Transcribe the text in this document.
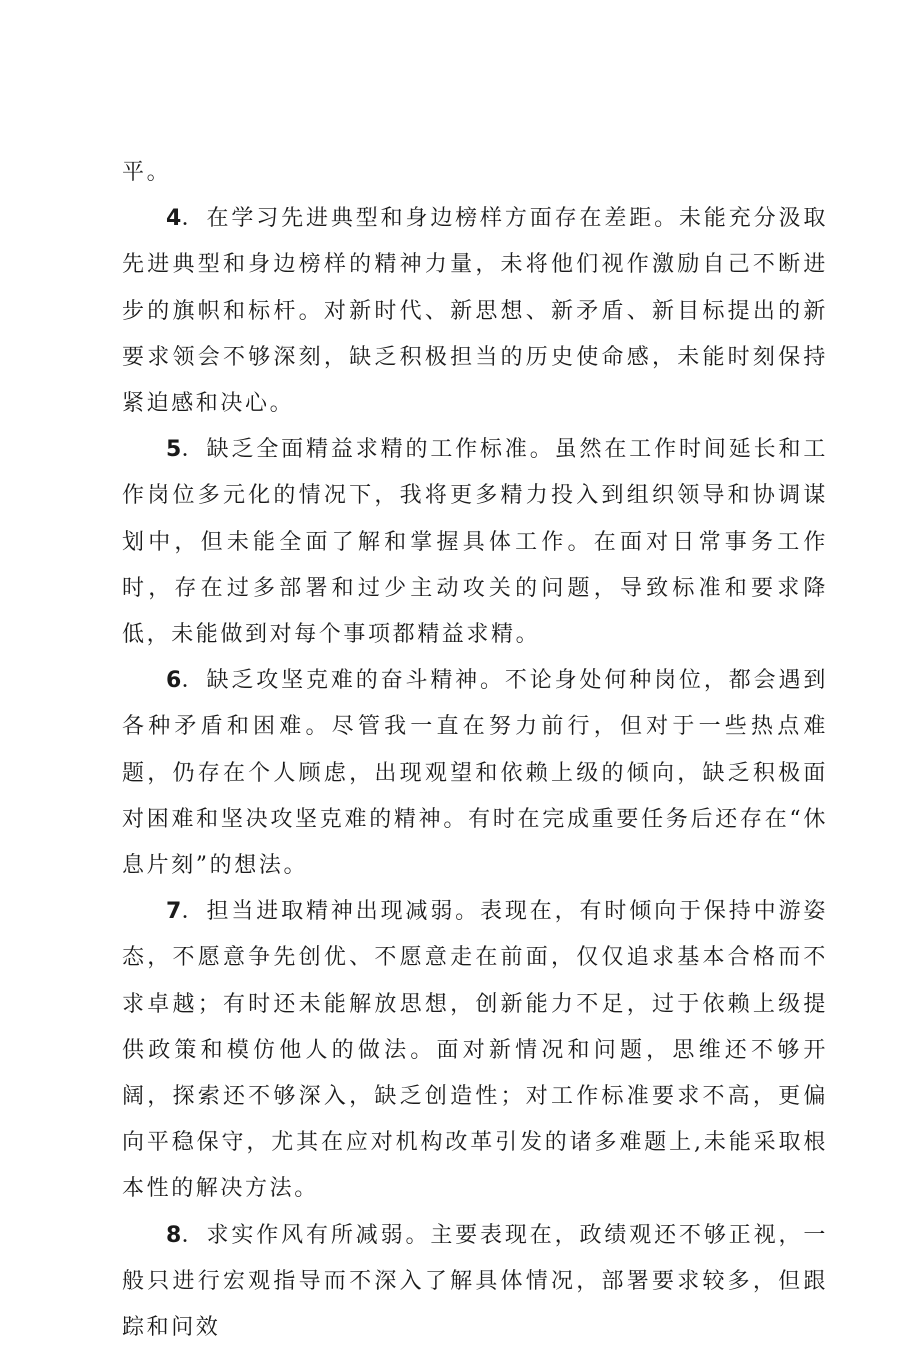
平。

4．在学习先进典型和身边榜样方面存在差距。未能充分汲取先进典型和身边榜样的精神力量，未将他们视作激励自己不断进步的旗帜和标杆。对新时代、新思想、新矛盾、新目标提出的新要求领会不够深刻，缺乏积极担当的历史使命感，未能时刻保持紧迫感和决心。

5．缺乏全面精益求精的工作标准。虽然在工作时间延长和工作岗位多元化的情况下，我将更多精力投入到组织领导和协调谋划中，但未能全面了解和掌握具体工作。在面对日常事务工作时，存在过多部署和过少主动攻关的问题，导致标准和要求降低，未能做到对每个事项都精益求精。

6．缺乏攻坚克难的奋斗精神。不论身处何种岗位，都会遇到各种矛盾和困难。尽管我一直在努力前行，但对于一些热点难题，仍存在个人顾虑，出现观望和依赖上级的倾向，缺乏积极面对困难和坚决攻坚克难的精神。有时在完成重要任务后还存在“休息片刻”的想法。

7．担当进取精神出现减弱。表现在，有时倾向于保持中游姿态，不愿意争先创优、不愿意走在前面，仅仅追求基本合格而不求卓越；有时还未能解放思想，创新能力不足，过于依赖上级提供政策和模仿他人的做法。面对新情况和问题，思维还不够开阔，探索还不够深入，缺乏创造性；对工作标准要求不高，更偏向平稳保守，尤其在应对机构改革引发的诸多难题上,未能采取根本性的解决方法。

8．求实作风有所减弱。主要表现在，政绩观还不够正视，一般只进行宏观指导而不深入了解具体情况，部署要求较多，但跟踪和问效
